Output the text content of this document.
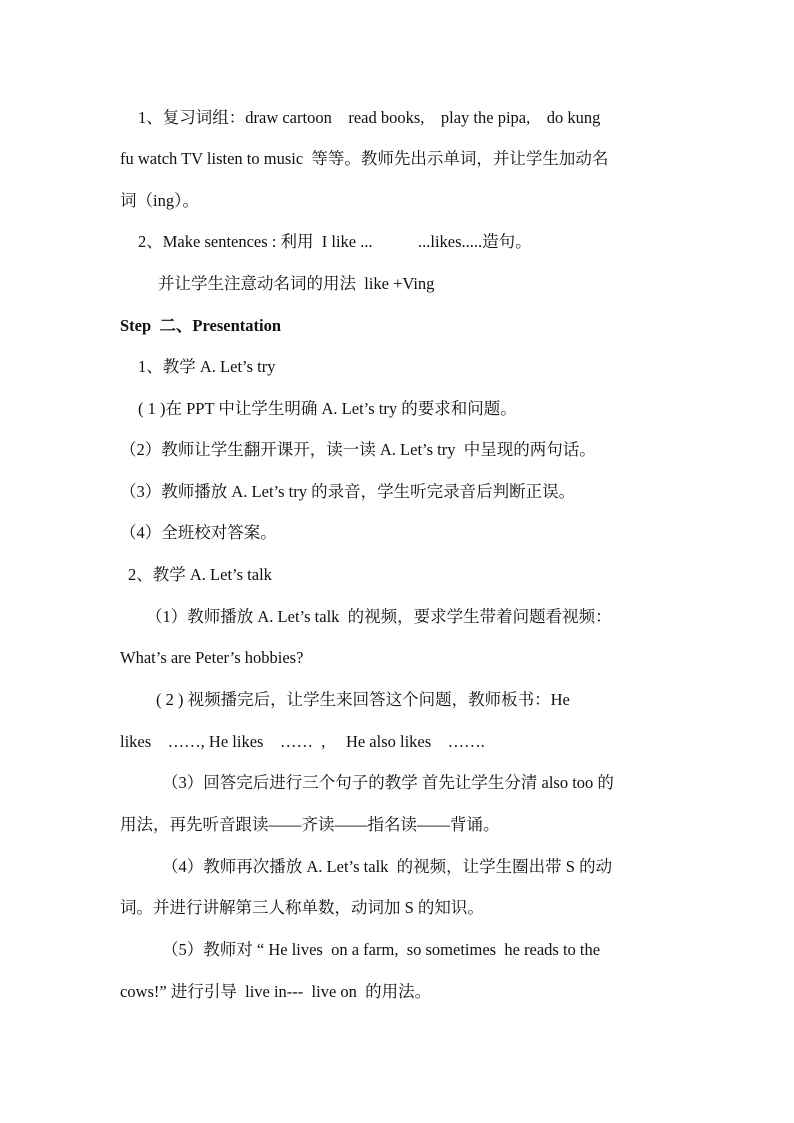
1、复习词组：draw cartoon    read books,    play the pipa,    do kung
fu watch TV listen to music  等等。教师先出示单词，并让学生加动名
词（ing）。
2、Make sentences : 利用  I like ...           ...likes.....造句。
并让学生注意动名词的用法  like +Ving
Step  二、Presentation
1、教学 A. Let’s try
( 1 )在 PPT 中让学生明确 A. Let’s try 的要求和问题。
（2）教师让学生翻开课开，读一读 A. Let’s try  中呈现的两句话。
（3）教师播放 A. Let’s try 的录音，学生听完录音后判断正误。
（4）全班校对答案。
2、教学 A. Let’s talk
（1）教师播放 A. Let’s talk  的视频，要求学生带着问题看视频：
What’s are Peter’s hobbies?
( 2 ) 视频播完后，让学生来回答这个问题，教师板书：He
likes    ……, He likes    ……  ,     He also likes    …….
（3）回答完后进行三个句子的教学 首先让学生分清 also too 的
用法，再先听音跟读——齐读——指名读——背诵。
（4）教师再次播放 A. Let’s talk  的视频，让学生圈出带 S 的动
词。并进行讲解第三人称单数，动词加 S 的知识。
（5）教师对 “ He lives  on a farm,  so sometimes  he reads to the
cows!” 进行引导  live in---  live on  的用法。
